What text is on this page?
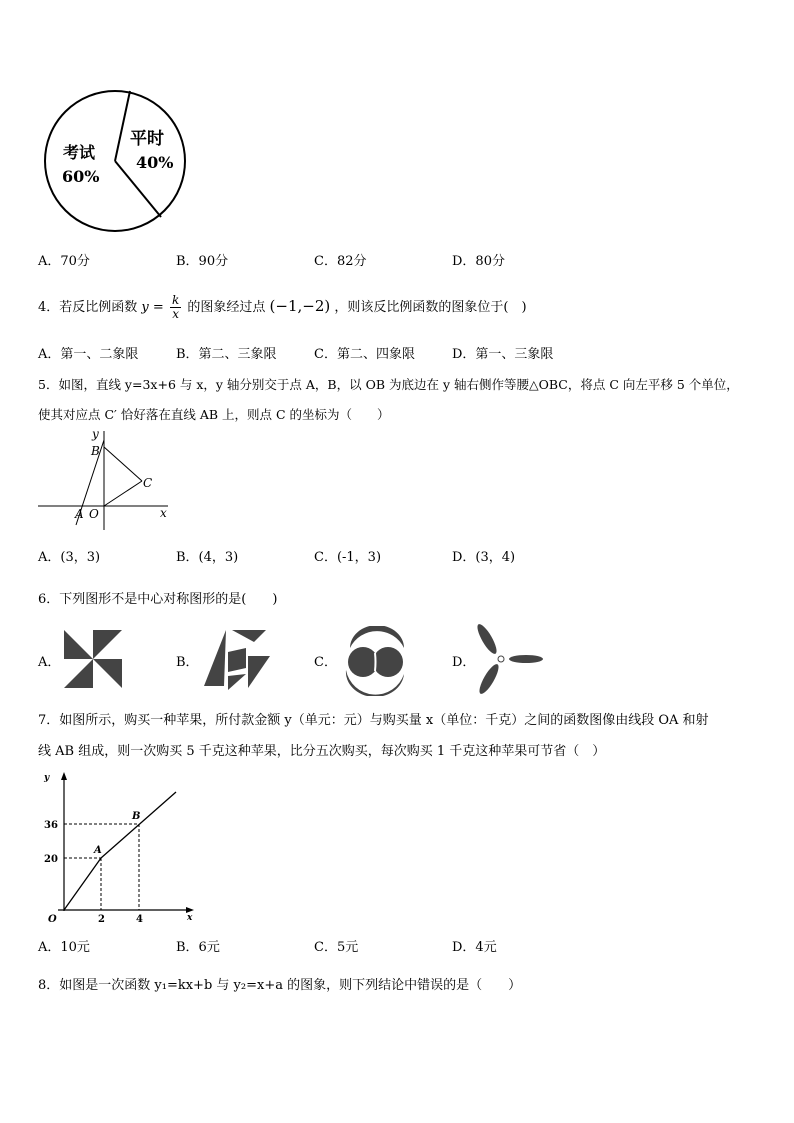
考试
60%
平时
40%
A．70分	B．90分	C．82分	D．80分
4．若反比例函数 $y = \frac{k}{x}$ 的图象经过点 (−1,−2) ，则该反比例函数的图象位于(　)
A．第一、二象限	B．第二、三象限	C．第二、四象限	D．第一、三象限
5．如图，直线 y=3x+6 与 x，y 轴分别交于点 A，B，以 OB 为底边在 y 轴右侧作等腰△OBC，将点 C 向左平移 5 个单位，
使其对应点 C′ 恰好落在直线 AB 上，则点 C 的坐标为（　　）
y
B
C
A O	x
A．(3，3)	B．(4，3)	C．(-1，3)	D．(3，4)
6．下列图形不是中心对称图形的是(　　)
A．	B．	C．	D．
7．如图所示，购买一种苹果，所付款金额 y（单元：元）与购买量 x（单位：千克）之间的函数图像由线段 OA 和射
线 AB 组成，则一次购买 5 千克这种苹果，比分五次购买，每次购买 1 千克这种苹果可节省（　）
y
36
20
A
B
O	2	4	x
A．10元	B．6元	C．5元	D．4元
8．如图是一次函数 y₁=kx+b 与 y₂=x+a 的图象，则下列结论中错误的是（　　）
